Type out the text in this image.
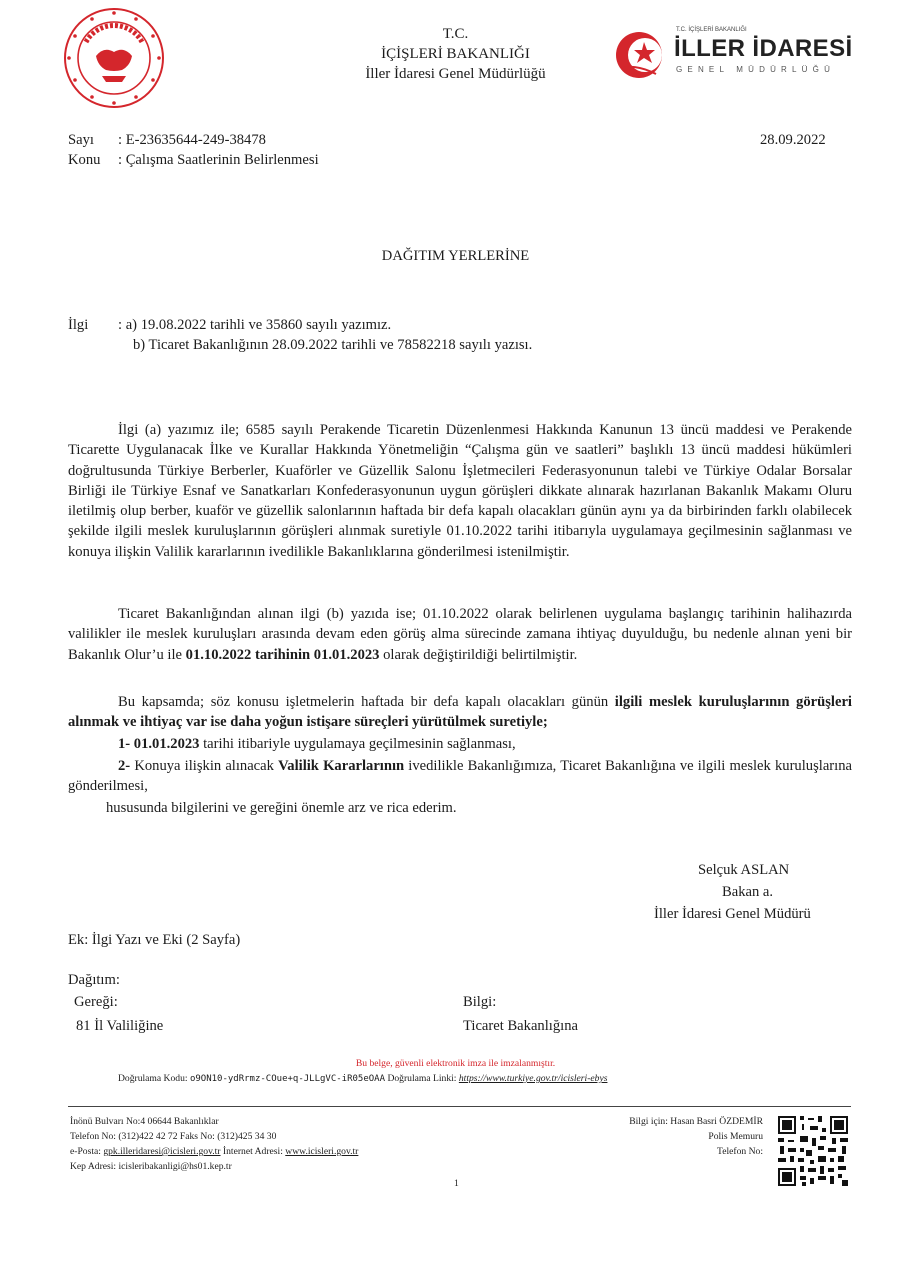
T.C.
İÇİŞLERİ BAKANLIĞI
İller İdaresi Genel Müdürlüğü
T.C. İÇİŞLERİ BAKANLIĞI
İLLER İDARESİ
GENEL MÜDÜRLÜĞÜ
Sayı : E-23635644-249-38478
Konu : Çalışma Saatlerinin Belirlenmesi
28.09.2022
DAĞITIM YERLERİNE
İlgi : a) 19.08.2022 tarihli ve 35860 sayılı yazımız.
b) Ticaret Bakanlığının 28.09.2022 tarihli ve 78582218 sayılı yazısı.
İlgi (a) yazımız ile; 6585 sayılı Perakende Ticaretin Düzenlenmesi Hakkında Kanunun 13 üncü maddesi ve Perakende Ticarette Uygulanacak İlke ve Kurallar Hakkında Yönetmeliğin “Çalışma gün ve saatleri” başlıklı 13 üncü maddesi hükümleri doğrultusunda Türkiye Berberler, Kuaförler ve Güzellik Salonu İşletmecileri Federasyonunun talebi ve Türkiye Odalar Borsalar Birliği ile Türkiye Esnaf ve Sanatkarları Konfederasyonunun uygun görüşleri dikkate alınarak hazırlanan Bakanlık Makamı Oluru iletilmiş olup berber, kuaför ve güzellik salonlarının haftada bir defa kapalı olacakları günün aynı ya da birbirinden farklı olabilecek şekilde ilgili meslek kuruluşlarının görüşleri alınmak suretiyle 01.10.2022 tarihi itibarıyla uygulamaya geçilmesinin sağlanması ve konuya ilişkin Valilik kararlarının ivedilikle Bakanlıklarına gönderilmesi istenilmiştir.
Ticaret Bakanlığından alınan ilgi (b) yazıda ise; 01.10.2022 olarak belirlenen uygulama başlangıç tarihinin halihazırda valilikler ile meslek kuruluşları arasında devam eden görüş alma sürecinde zamana ihtiyaç duyulduğu, bu nedenle alınan yeni bir Bakanlık Olur’u ile 01.10.2022 tarihinin 01.01.2023 olarak değiştirildiği belirtilmiştir.
Bu kapsamda; söz konusu işletmelerin haftada bir defa kapalı olacakları günün ilgili meslek kuruluşlarının görüşleri alınmak ve ihtiyaç var ise daha yoğun istişare süreçleri yürütülmek suretiyle;
1- 01.01.2023 tarihi itibariyle uygulamaya geçilmesinin sağlanması,
2- Konuya ilişkin alınacak Valilik Kararlarının ivedilikle Bakanlığımıza, Ticaret Bakanlığına ve ilgili meslek kuruluşlarına gönderilmesi,
hususunda bilgilerini ve gereğini önemle arz ve rica ederim.
Selçuk ASLAN
Bakan a.
İller İdaresi Genel Müdürü
Ek: İlgi Yazı ve Eki (2 Sayfa)
Dağıtım:
Gereği:
81 İl Valiliğine
Bilgi:
Ticaret Bakanlığına
Bu belge, güvenli elektronik imza ile imzalanmıştır.
Doğrulama Kodu: o9ON10-ydRrmz-COue+q-JLLgVC-iR05eOAA Doğrulama Linki: https://www.turkiye.gov.tr/icisleri-ebys
İnönü Bulvarı No:4 06644 Bakanlıklar
Telefon No: (312)422 42 72 Faks No: (312)425 34 30
e-Posta: gpk.illeridaresi@icisleri.gov.tr İnternet Adresi: www.icisleri.gov.tr
Kep Adresi: icisleribakanligi@hs01.kep.tr
Bilgi için: Hasan Basri ÖZDEMİR
Polis Memuru
Telefon No:
1
